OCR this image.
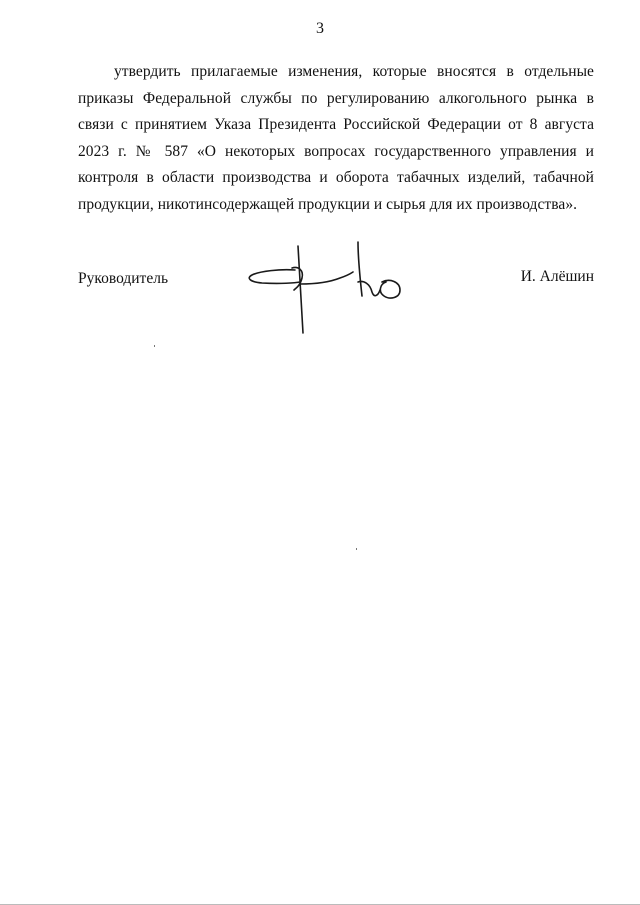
3

утвердить прилагаемые изменения, которые вносятся в отдельные приказы Федеральной службы по регулированию алкогольного рынка в связи с принятием Указа Президента Российской Федерации от 8 августа 2023 г. № 587 «О некоторых вопросах государственного управления и контроля в области производства и оборота табачных изделий, табачной продукции, никотинсодержащей продукции и сырья для их производства».

Руководитель	И. Алёшин
